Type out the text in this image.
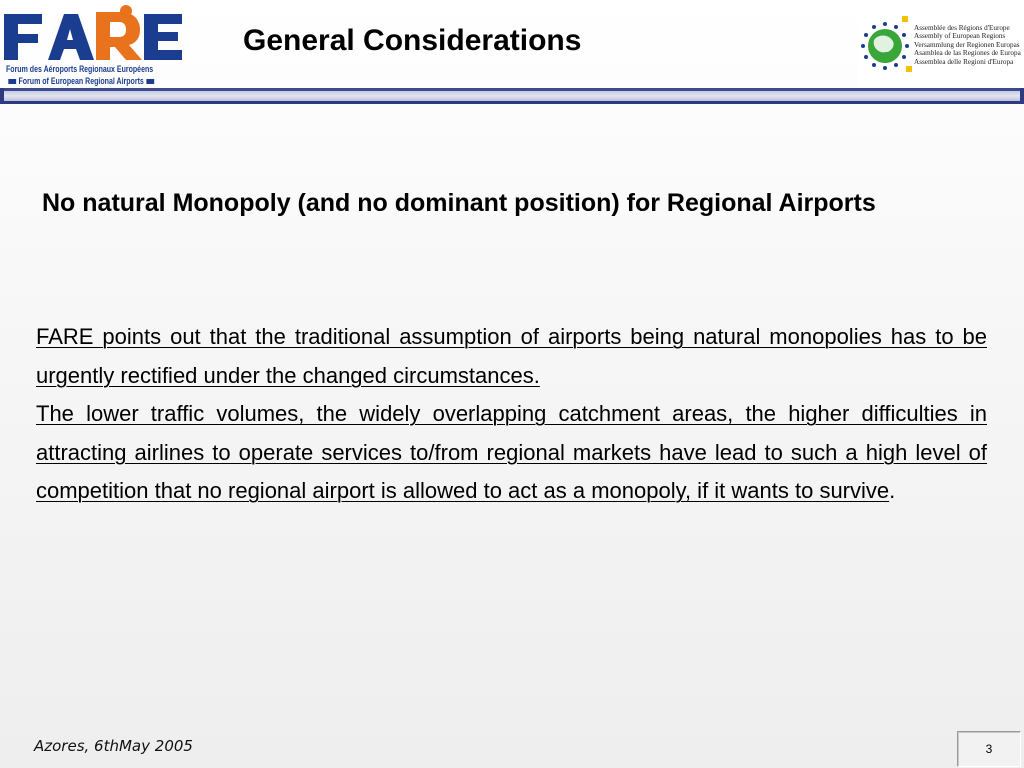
Forum des Aéroports Regionaux Européens
Forum of European Regional Airports
General Considerations	Assemblée des Régions d'Europe
Assembly of European Regions
Versammlung der Regionen Europas
Asamblea de las Regiones de Europa
Assemblea delle Regioni d'Europa
No natural Monopoly (and no dominant position) for Regional Airports

FARE points out that the traditional assumption of airports being natural monopolies has to be urgently rectified under the changed circumstances.

The lower traffic volumes, the widely overlapping catchment areas, the higher difficulties in attracting airlines to operate services to/from regional markets have lead to such a high level of competition that no regional airport is allowed to act as a monopoly, if it wants to survive.

Azores, 6thMay 2005	3
